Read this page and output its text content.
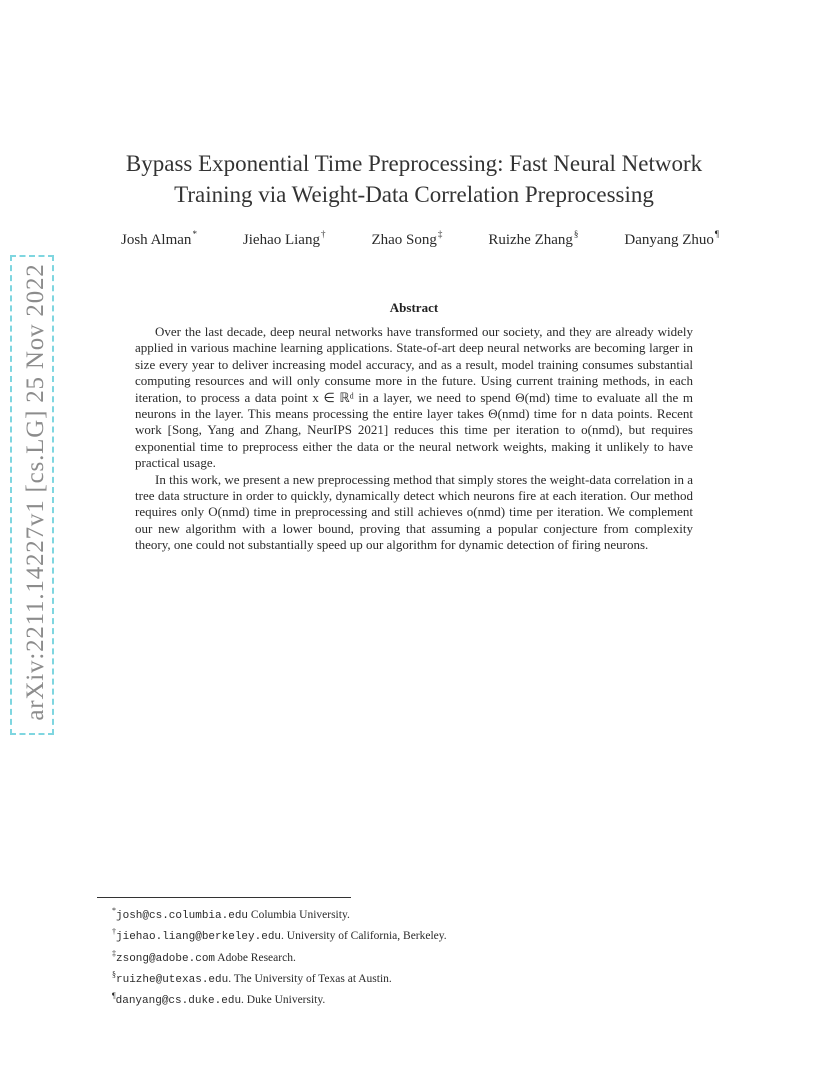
arXiv:2211.14227v1 [cs.LG] 25 Nov 2022
Bypass Exponential Time Preprocessing: Fast Neural Network
Training via Weight-Data Correlation Preprocessing
Josh Alman*	Jiehao Liang†	Zhao Song‡	Ruizhe Zhang§	Danyang Zhuo¶
Abstract

Over the last decade, deep neural networks have transformed our society, and they are already widely applied in various machine learning applications. State-of-art deep neural networks are becoming larger in size every year to deliver increasing model accuracy, and as a result, model training consumes substantial computing resources and will only consume more in the future. Using current training methods, in each iteration, to process a data point x ∈ ℝᵈ in a layer, we need to spend Θ(md) time to evaluate all the m neurons in the layer. This means processing the entire layer takes Θ(nmd) time for n data points. Recent work [Song, Yang and Zhang, NeurIPS 2021] reduces this time per iteration to o(nmd), but requires exponential time to preprocess either the data or the neural network weights, making it unlikely to have practical usage.

In this work, we present a new preprocessing method that simply stores the weight-data correlation in a tree data structure in order to quickly, dynamically detect which neurons fire at each iteration. Our method requires only O(nmd) time in preprocessing and still achieves o(nmd) time per iteration. We complement our new algorithm with a lower bound, proving that assuming a popular conjecture from complexity theory, one could not substantially speed up our algorithm for dynamic detection of firing neurons.

*josh@cs.columbia.edu Columbia University.
†jiehao.liang@berkeley.edu. University of California, Berkeley.
‡zsong@adobe.com Adobe Research.
§ruizhe@utexas.edu. The University of Texas at Austin.
¶danyang@cs.duke.edu. Duke University.
